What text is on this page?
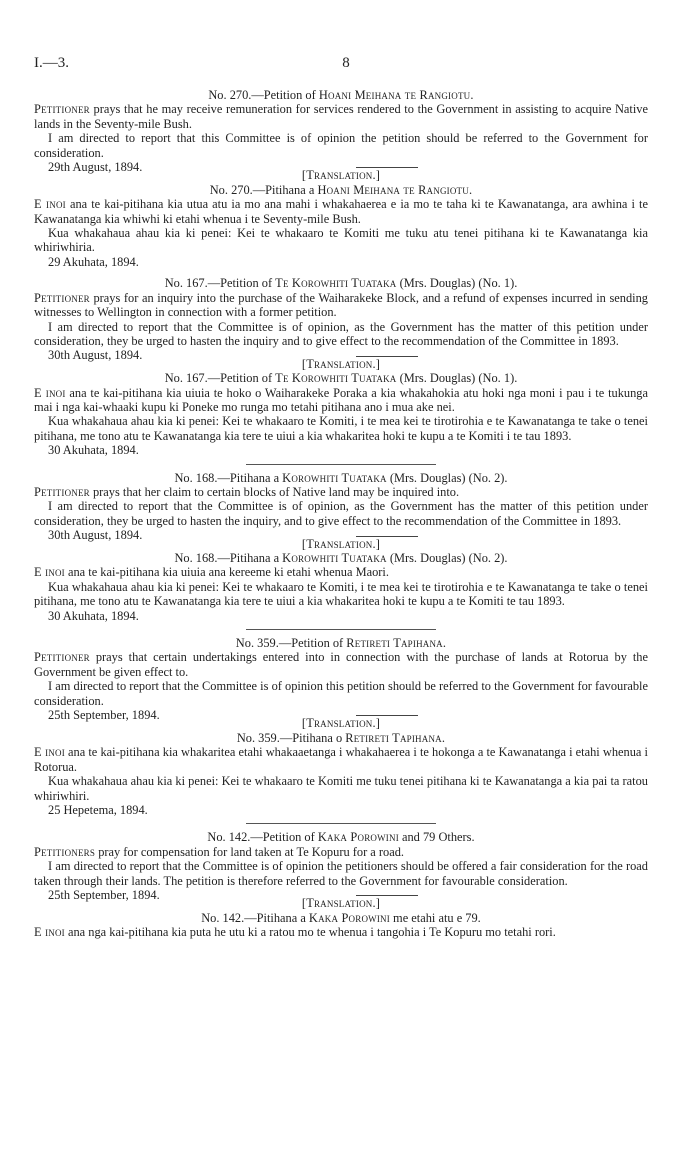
I.—3.	8

No. 270.—Petition of Hoani Meihana te Rangiotu.

Petitioner prays that he may receive remuneration for services rendered to the Government in assisting to acquire Native lands in the Seventy-mile Bush.

I am directed to report that this Committee is of opinion the petition should be referred to the Government for consideration.

29th August, 1894.

[Translation.]

No. 270.—Pitihana a Hoani Meihana te Rangiotu.

E inoi ana te kai-pitihana kia utua atu ia mo ana mahi i whakahaerea e ia mo te taha ki te Kawanatanga, ara awhina i te Kawanatanga kia whiwhi ki etahi whenua i te Seventy-mile Bush.

Kua whakahaua ahau kia ki penei: Kei te whakaaro te Komiti me tuku atu tenei pitihana ki te Kawanatanga kia whiriwhiria.

29 Akuhata, 1894.

No. 167.—Petition of Te Korowhiti Tuataka (Mrs. Douglas) (No. 1).

Petitioner prays for an inquiry into the purchase of the Waiharakeke Block, and a refund of expenses incurred in sending witnesses to Wellington in connection with a former petition.

I am directed to report that the Committee is of opinion, as the Government has the matter of this petition under consideration, they be urged to hasten the inquiry and to give effect to the recommendation of the Committee in 1893.

30th August, 1894.

[Translation.]

No. 167.—Petition of Te Korowhiti Tuataka (Mrs. Douglas) (No. 1).

E inoi ana te kai-pitihana kia uiuia te hoko o Waiharakeke Poraka a kia whakahokia atu hoki nga moni i pau i te tukunga mai i nga kai-whaaki kupu ki Poneke mo runga mo tetahi pitihana ano i mua ake nei.

Kua whakahaua ahau kia ki penei: Kei te whakaaro te Komiti, i te mea kei te tirotirohia e te Kawanatanga te take o tenei pitihana, me tono atu te Kawanatanga kia tere te uiui a kia whakaritea hoki te kupu a te Komiti i te tau 1893.

30 Akuhata, 1894.

No. 168.—Pitihana a Korowhiti Tuataka (Mrs. Douglas) (No. 2).

Petitioner prays that her claim to certain blocks of Native land may be inquired into.

I am directed to report that the Committee is of opinion, as the Government has the matter of this petition under consideration, they be urged to hasten the inquiry, and to give effect to the recommendation of the Committee in 1893.

30th August, 1894.

[Translation.]

No. 168.—Pitihana a Korowhiti Tuataka (Mrs. Douglas) (No. 2).

E inoi ana te kai-pitihana kia uiuia ana kereeme ki etahi whenua Maori.

Kua whakahaua ahau kia ki penei: Kei te whakaaro te Komiti, i te mea kei te tirotirohia e te Kawanatanga te take o tenei pitihana, me tono atu te Kawanatanga kia tere te uiui a kia whakaritea hoki te kupu a te Komiti te tau 1893.

30 Akuhata, 1894.

No. 359.—Petition of Retireti Tapihana.

Petitioner prays that certain undertakings entered into in connection with the purchase of lands at Rotorua by the Government be given effect to.

I am directed to report that the Committee is of opinion this petition should be referred to the Government for favourable consideration.

25th September, 1894.

[Translation.]

No. 359.—Pitihana o Retireti Tapihana.

E inoi ana te kai-pitihana kia whakaritea etahi whakaaetanga i whakahaerea i te hokonga a te Kawanatanga i etahi whenua i Rotorua.

Kua whakahaua ahau kia ki penei: Kei te whakaaro te Komiti me tuku tenei pitihana ki te Kawanatanga a kia pai ta ratou whiriwhiri.

25 Hepetema, 1894.

No. 142.—Petition of Kaka Porowini and 79 Others.

Petitioners pray for compensation for land taken at Te Kopuru for a road.

I am directed to report that the Committee is of opinion the petitioners should be offered a fair consideration for the road taken through their lands. The petition is therefore referred to the Government for favourable consideration.

25th September, 1894.

[Translation.]

No. 142.—Pitihana a Kaka Porowini me etahi atu e 79.

E inoi ana nga kai-pitihana kia puta he utu ki a ratou mo te whenua i tangohia i Te Kopuru mo tetahi rori.
